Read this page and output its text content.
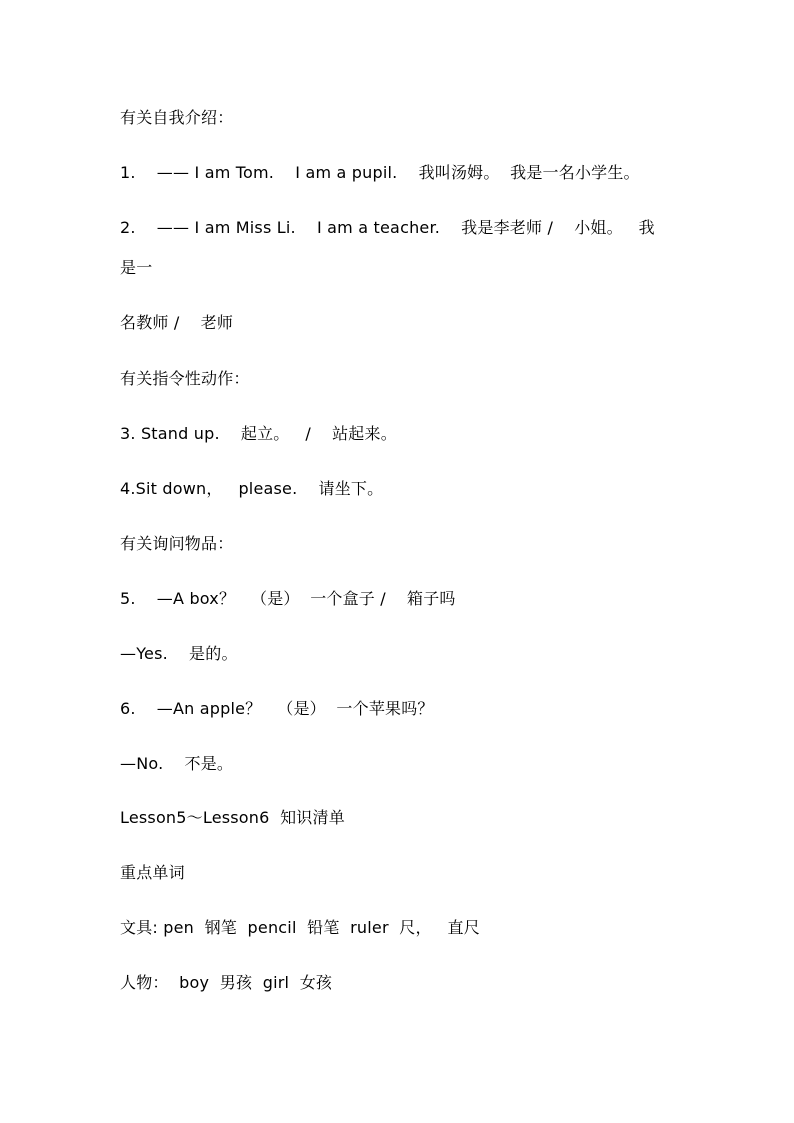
有关自我介绍：
1.    —— I am Tom.    I am a pupil.    我叫汤姆。  我是一名小学生。
2.    —— I am Miss Li.    I am a teacher.    我是李老师 /    小姐。   我
是一
名教师 /    老师
有关指令性动作：
3. Stand up.    起立。   /    站起来。
4.Sit down，   please.    请坐下。
有关询问物品：
5.    —A box？   （是）  一个盒子 /    箱子吗
—Yes.    是的。
6.    —An apple？   （是）  一个苹果吗？
—No.    不是。
Lesson5～Lesson6  知识清单
重点单词
文具: pen  钢笔  pencil  铅笔  ruler  尺，   直尺
人物：  boy  男孩  girl  女孩
